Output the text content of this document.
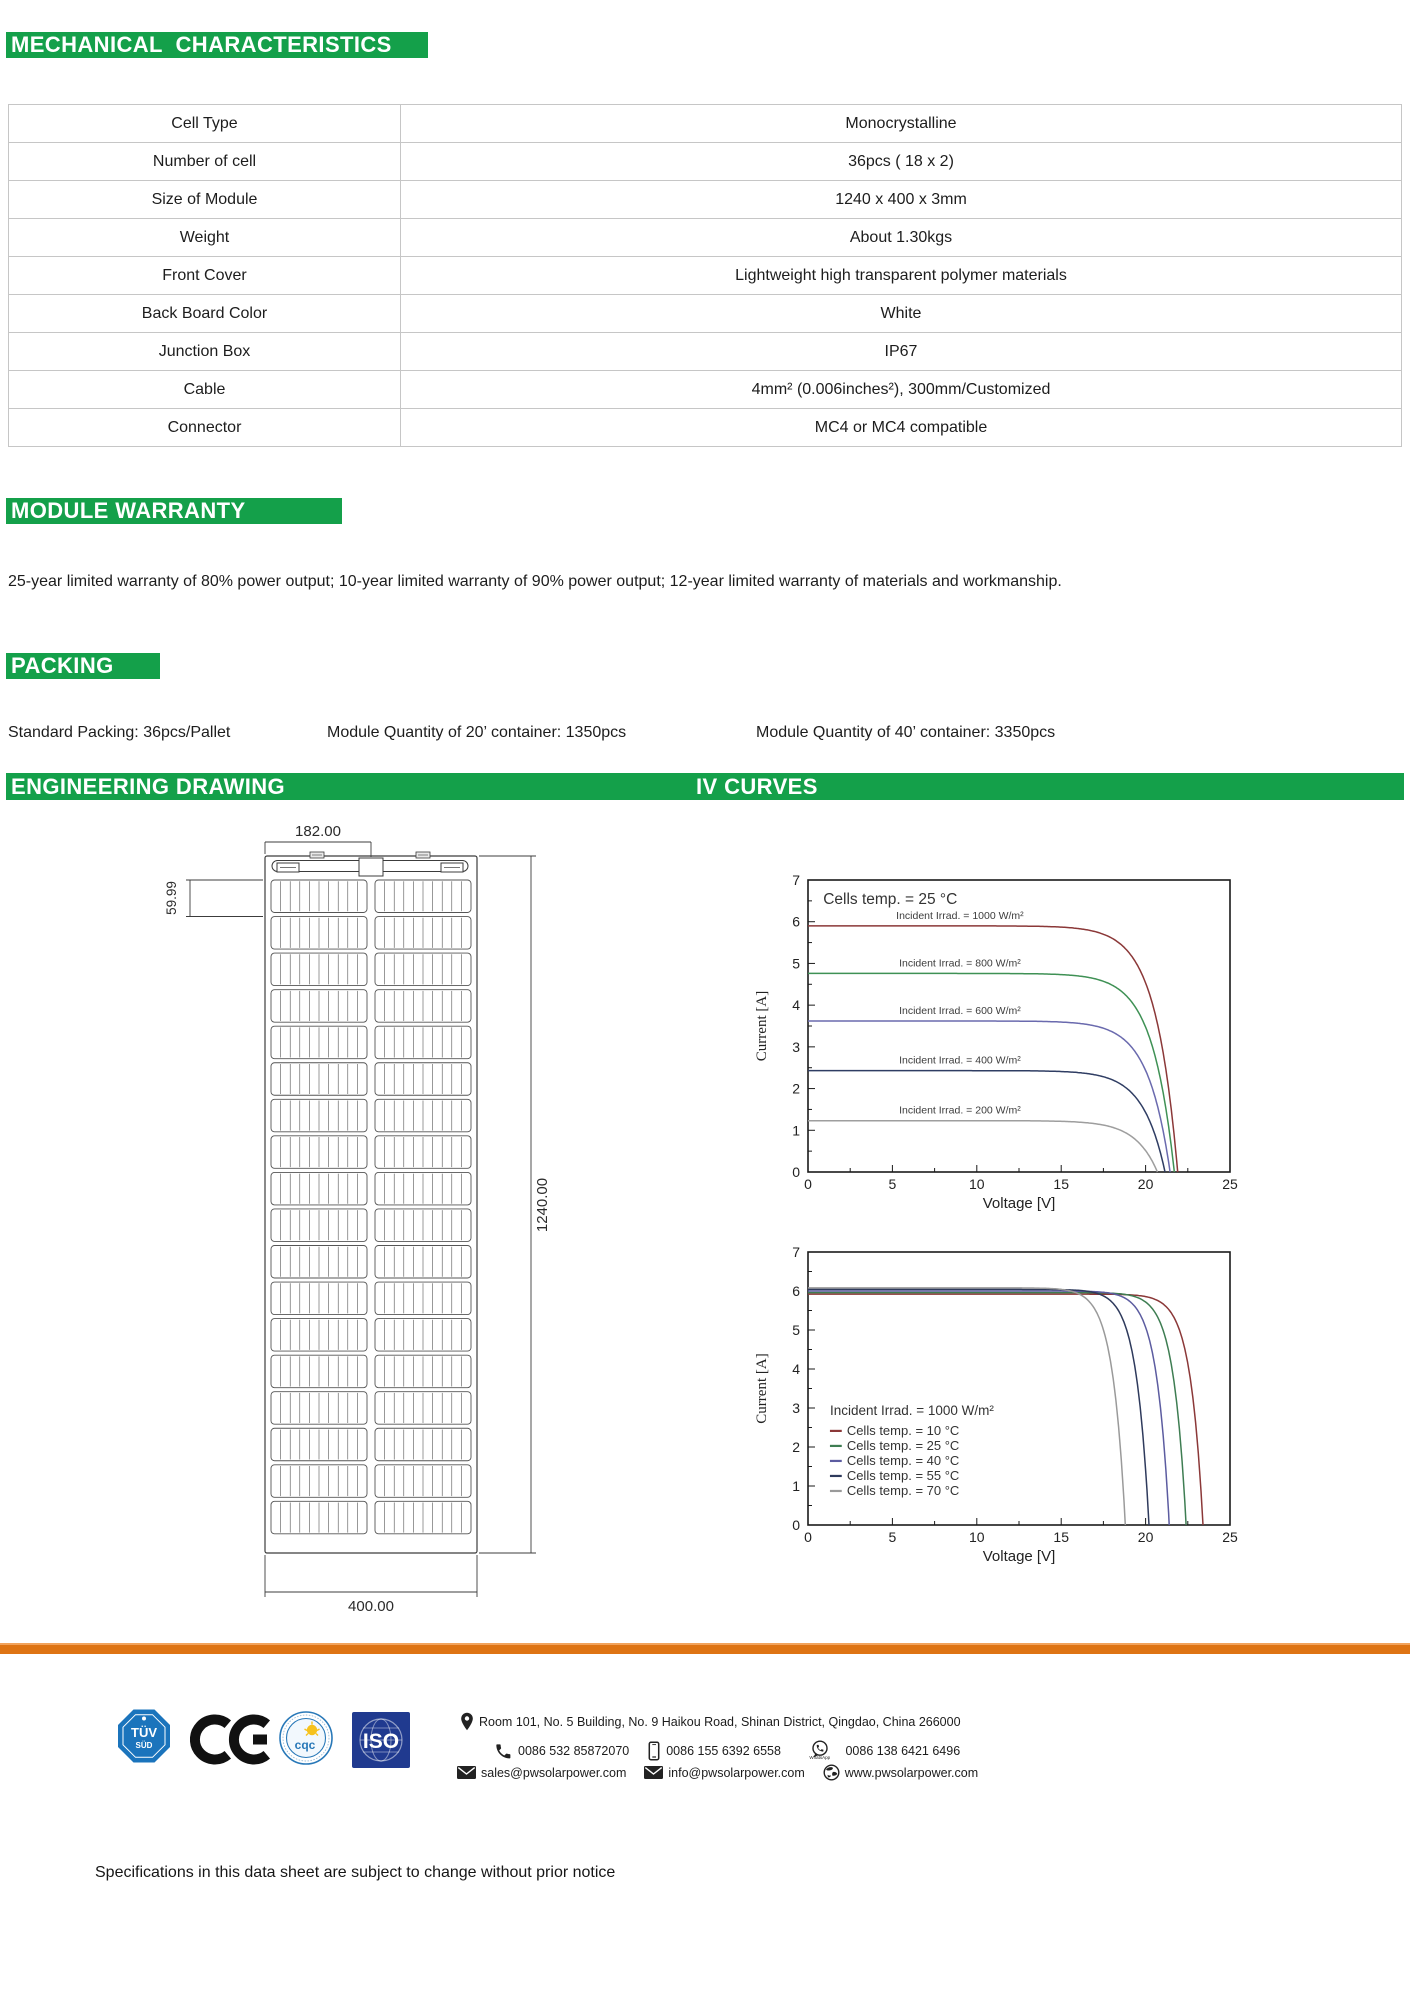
MECHANICAL  CHARACTERISTICS
Cell Type	Monocrystalline
Number of cell	36pcs ( 18 x 2)
Size of Module	1240 x 400 x 3mm
Weight	About 1.30kgs
Front Cover	Lightweight high transparent polymer materials
Back Board Color	White
Junction Box	IP67
Cable	4mm² (0.006inches²), 300mm/Customized
Connector	MC4 or MC4 compatible
MODULE WARRANTY

25-year limited warranty of 80% power output; 10-year limited warranty of 90% power output; 12-year limited warranty of materials and workmanship.

PACKING
Standard Packing: 36pcs/Pallet	Module Quantity of 20’ container: 1350pcs	Module Quantity of 40’ container: 3350pcs
ENGINEERING DRAWING	IV CURVES
182.00
59.99
1240.00
400.00
0	5	10	15	20	25
0
1
2
3
4
5
6
7
Voltage [V]
Current [A]
Cells temp. = 25 °C
Incident Irrad. = 1000 W/m²
Incident Irrad. = 800 W/m²
Incident Irrad. = 600 W/m²
Incident Irrad. = 400 W/m²
Incident Irrad. = 200 W/m²
0	5	10	15	20	25
0
1
2
3
4
5
6
7
Voltage [V]
Current [A]	Incident Irrad. = 1000 W/m²
Cells temp. = 10 °C
Cells temp. = 25 °C
Cells temp. = 40 °C
Cells temp. = 55 °C
Cells temp. = 70 °C
TÜV
SÜD	cqc ISO
Room 101, No. 5 Building, No. 9 Haikou Road, Shinan District, Qingdao, China 266000
0086 532 85872070	0086 155 6392 6558	WhatsApp 0086 138 6421 6496
sales@pwsolarpower.com	info@pwsolarpower.com	www.pwsolarpower.com
Specifications in this data sheet are subject to change without prior notice
